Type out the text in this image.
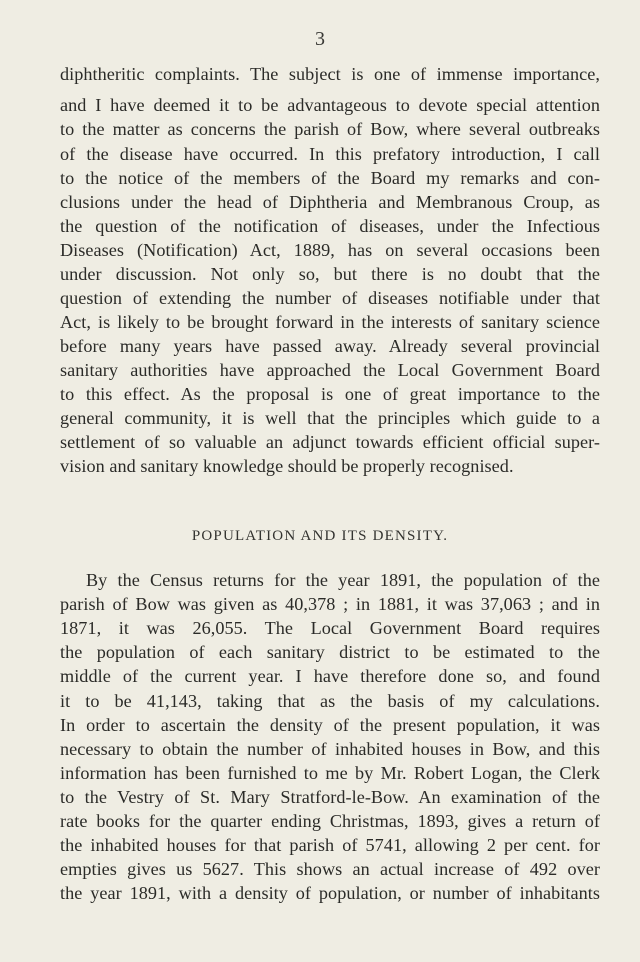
3
diphtheritic complaints. The subject is one of immense importance,
and I have deemed it to be advantageous to devote special attention
to the matter as concerns the parish of Bow, where several outbreaks
of the disease have occurred. In this prefatory introduction, I call
to the notice of the members of the Board my remarks and con-
clusions under the head of Diphtheria and Membranous Croup, as
the question of the notification of diseases, under the Infectious
Diseases (Notification) Act, 1889, has on several occasions been
under discussion. Not only so, but there is no doubt that the
question of extending the number of diseases notifiable under that
Act, is likely to be brought forward in the interests of sanitary science
before many years have passed away. Already several provincial
sanitary authorities have approached the Local Government Board
to this effect. As the proposal is one of great importance to the
general community, it is well that the principles which guide to a
settlement of so valuable an adjunct towards efficient official super-
vision and sanitary knowledge should be properly recognised.
POPULATION AND ITS DENSITY.
By the Census returns for the year 1891, the population of the
parish of Bow was given as 40,378 ; in 1881, it was 37,063 ; and in
1871, it was 26,055. The Local Government Board requires
the population of each sanitary district to be estimated to the
middle of the current year. I have therefore done so, and found
it to be 41,143, taking that as the basis of my calculations.
In order to ascertain the density of the present population, it was
necessary to obtain the number of inhabited houses in Bow, and this
information has been furnished to me by Mr. Robert Logan, the Clerk
to the Vestry of St. Mary Stratford-le-Bow. An examination of the
rate books for the quarter ending Christmas, 1893, gives a return of
the inhabited houses for that parish of 5741, allowing 2 per cent. for
empties gives us 5627. This shows an actual increase of 492 over
the year 1891, with a density of population, or number of inhabitants
